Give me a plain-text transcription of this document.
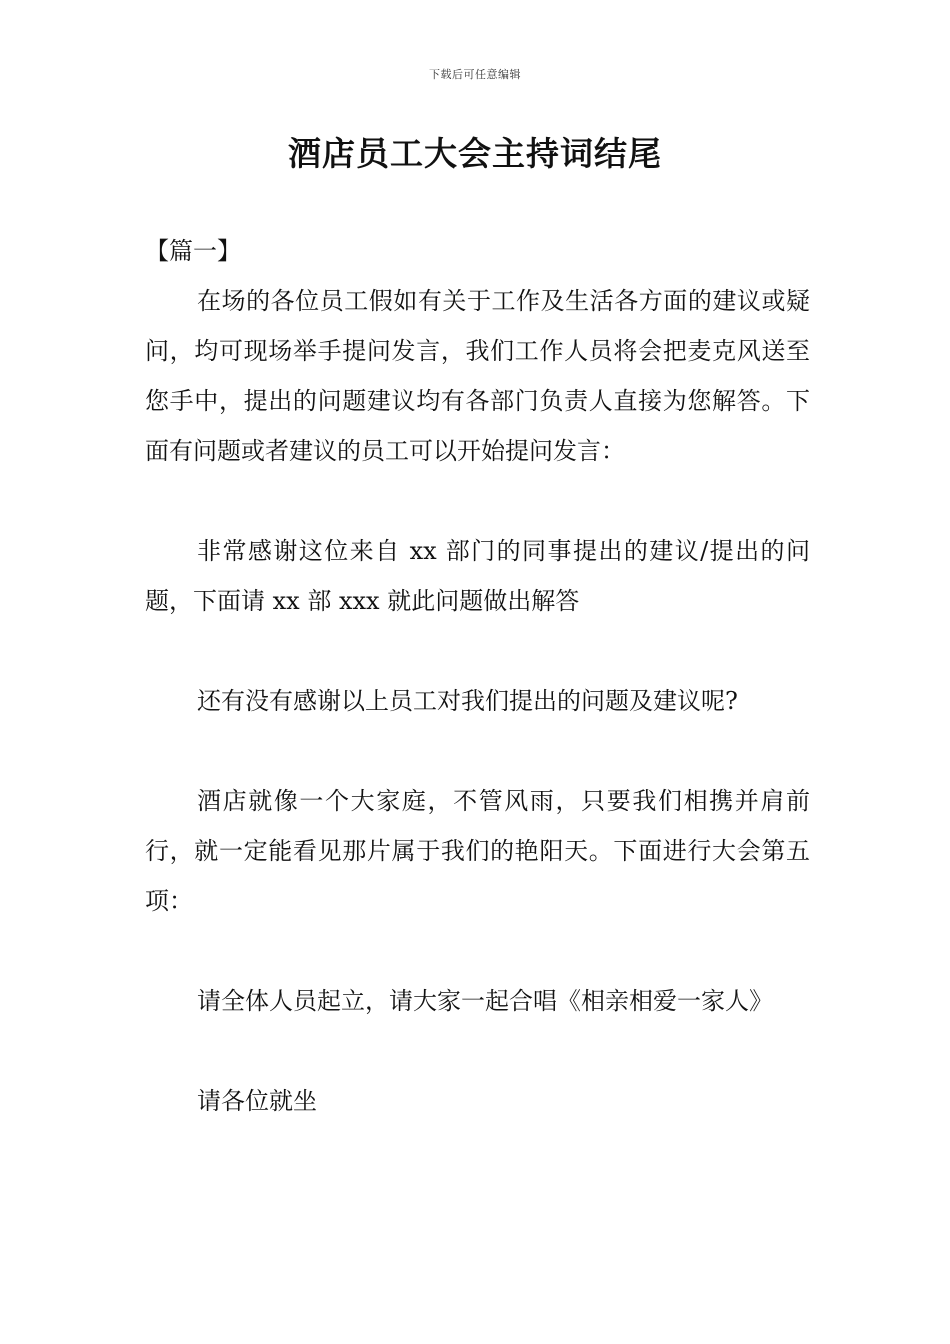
下载后可任意编辑
酒店员工大会主持词结尾

【篇一】

在场的各位员工假如有关于工作及生活各方面的建议或疑问，均可现场举手提问发言，我们工作人员将会把麦克风送至您手中，提出的问题建议均有各部门负责人直接为您解答。下面有问题或者建议的员工可以开始提问发言：

非常感谢这位来自 xx 部门的同事提出的建议/提出的问题，下面请 xx 部 xxx 就此问题做出解答

还有没有感谢以上员工对我们提出的问题及建议呢?

酒店就像一个大家庭，不管风雨，只要我们相携并肩前行，就一定能看见那片属于我们的艳阳天。下面进行大会第五项：

请全体人员起立，请大家一起合唱《相亲相爱一家人》

请各位就坐
